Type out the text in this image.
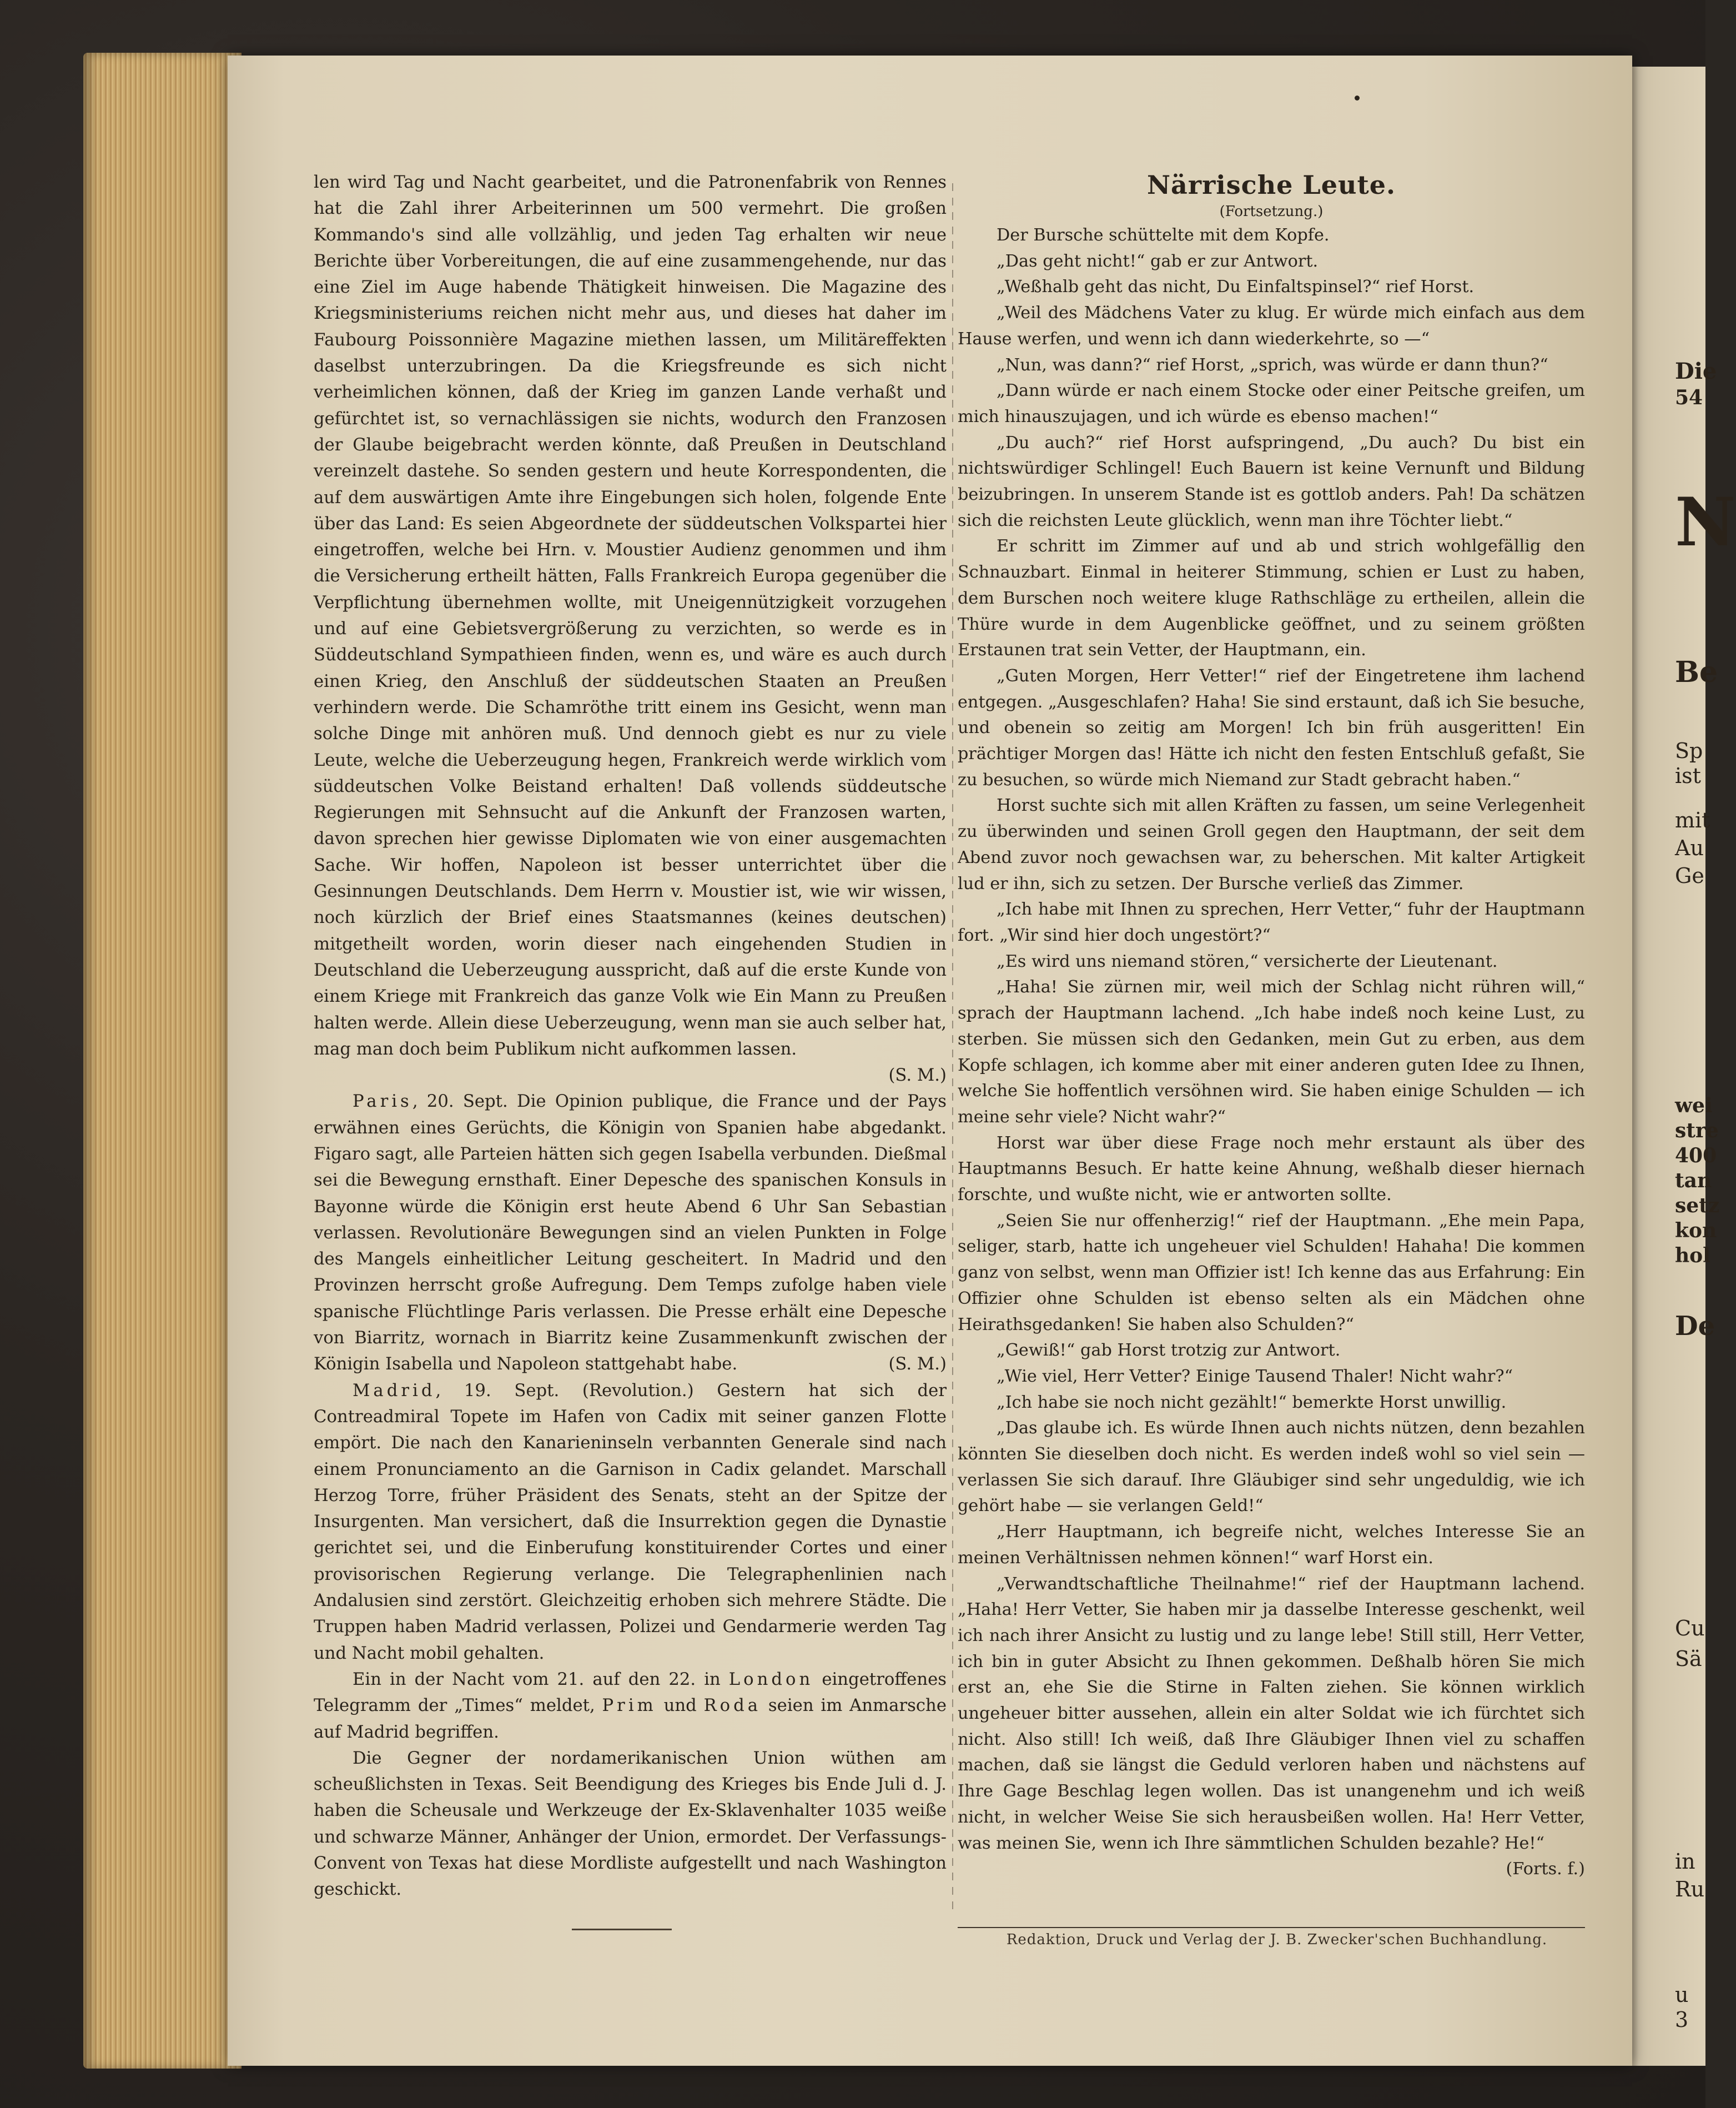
Die
54
N
Be
Sp
ist
mit
Au
Ge
wei
stre
400
tan
setz
kon
hol
De
Cu
Sä
in
Ru
u
3

len wird Tag und Nacht gearbeitet, und die Patronenfabrik von Rennes hat die Zahl ihrer Arbeiterinnen um 500 vermehrt. Die großen Kommando's sind alle vollzählig, und jeden Tag erhalten wir neue Berichte über Vorbereitungen, die auf eine zusammengehende, nur das eine Ziel im Auge habende Thätigkeit hinweisen. Die Magazine des Kriegsministeriums reichen nicht mehr aus, und dieses hat daher im Faubourg Poissonnière Magazine miethen lassen, um Militäreffekten daselbst unterzubringen. Da die Kriegsfreunde es sich nicht verheimlichen können, daß der Krieg im ganzen Lande verhaßt und gefürchtet ist, so vernachlässigen sie nichts, wodurch den Franzosen der Glaube beigebracht werden könnte, daß Preußen in Deutschland vereinzelt dastehe. So senden gestern und heute Korrespondenten, die auf dem auswärtigen Amte ihre Eingebungen sich holen, folgende Ente über das Land: Es seien Abgeordnete der süddeutschen Volkspartei hier eingetroffen, welche bei Hrn. v. Moustier Audienz genommen und ihm die Versicherung ertheilt hätten, Falls Frankreich Europa gegenüber die Verpflichtung übernehmen wollte, mit Uneigennützigkeit vorzugehen und auf eine Gebietsvergrößerung zu verzichten, so werde es in Süddeutschland Sympathieen finden, wenn es, und wäre es auch durch einen Krieg, den Anschluß der süddeutschen Staaten an Preußen verhindern werde. Die Schamröthe tritt einem ins Gesicht, wenn man solche Dinge mit anhören muß. Und dennoch giebt es nur zu viele Leute, welche die Ueberzeugung hegen, Frankreich werde wirklich vom süddeutschen Volke Beistand erhalten! Daß vollends süddeutsche Regierungen mit Sehnsucht auf die Ankunft der Franzosen warten, davon sprechen hier gewisse Diplomaten wie von einer ausgemachten Sache. Wir hoffen, Napoleon ist besser unterrichtet über die Gesinnungen Deutschlands. Dem Herrn v. Moustier ist, wie wir wissen, noch kürzlich der Brief eines Staatsmannes (keines deutschen) mitgetheilt worden, worin dieser nach eingehenden Studien in Deutschland die Ueberzeugung ausspricht, daß auf die erste Kunde von einem Kriege mit Frankreich das ganze Volk wie Ein Mann zu Preußen halten werde. Allein diese Ueberzeugung, wenn man sie auch selber hat, mag man doch beim Publikum nicht aufkommen lassen.

(S. M.)

Paris, 20. Sept. Die Opinion publique, die France und der Pays erwähnen eines Gerüchts, die Königin von Spanien habe abgedankt. Figaro sagt, alle Parteien hätten sich gegen Isabella verbunden. Dießmal sei die Bewegung ernsthaft. Einer Depesche des spanischen Konsuls in Bayonne würde die Königin erst heute Abend 6 Uhr San Sebastian verlassen. Revolutionäre Bewegungen sind an vielen Punkten in Folge des Mangels einheitlicher Leitung gescheitert. In Madrid und den Provinzen herrscht große Aufregung. Dem Temps zufolge haben viele spanische Flüchtlinge Paris verlassen. Die Presse erhält eine Depesche von Biarritz, wornach in Biarritz keine Zusammenkunft zwischen der Königin Isabella und Napoleon stattgehabt habe.	(S. M.)

Madrid, 19. Sept. (Revolution.) Gestern hat sich der Contreadmiral Topete im Hafen von Cadix mit seiner ganzen Flotte empört. Die nach den Kanarieninseln verbannten Generale sind nach einem Pronunciamento an die Garnison in Cadix gelandet. Marschall Herzog Torre, früher Präsident des Senats, steht an der Spitze der Insurgenten. Man versichert, daß die Insurrektion gegen die Dynastie gerichtet sei, und die Einberufung konstituirender Cortes und einer provisorischen Regierung verlange. Die Telegraphenlinien nach Andalusien sind zerstört. Gleichzeitig erhoben sich mehrere Städte. Die Truppen haben Madrid verlassen, Polizei und Gendarmerie werden Tag und Nacht mobil gehalten.

Ein in der Nacht vom 21. auf den 22. in London eingetroffenes Telegramm der „Times“ meldet, Prim und Roda seien im Anmarsche auf Madrid begriffen.

Die Gegner der nordamerikanischen Union wüthen am scheußlichsten in Texas. Seit Beendigung des Krieges bis Ende Juli d. J. haben die Scheusale und Werkzeuge der Ex-Sklavenhalter 1035 weiße und schwarze Männer, Anhänger der Union, ermordet. Der Verfassungs-Convent von Texas hat diese Mordliste aufgestellt und nach Washington geschickt.

Närrische Leute.

(Fortsetzung.)

Der Bursche schüttelte mit dem Kopfe.

„Das geht nicht!“ gab er zur Antwort.

„Weßhalb geht das nicht, Du Einfaltspinsel?“ rief Horst.

„Weil des Mädchens Vater zu klug. Er würde mich einfach aus dem Hause werfen, und wenn ich dann wiederkehrte, so —“

„Nun, was dann?“ rief Horst, „sprich, was würde er dann thun?“

„Dann würde er nach einem Stocke oder einer Peitsche greifen, um mich hinauszujagen, und ich würde es ebenso machen!“

„Du auch?“ rief Horst aufspringend, „Du auch? Du bist ein nichtswürdiger Schlingel! Euch Bauern ist keine Vernunft und Bildung beizubringen. In unserem Stande ist es gottlob anders. Pah! Da schätzen sich die reichsten Leute glücklich, wenn man ihre Töchter liebt.“

Er schritt im Zimmer auf und ab und strich wohlgefällig den Schnauzbart. Einmal in heiterer Stimmung, schien er Lust zu haben, dem Burschen noch weitere kluge Rathschläge zu ertheilen, allein die Thüre wurde in dem Augenblicke geöffnet, und zu seinem größten Erstaunen trat sein Vetter, der Hauptmann, ein.

„Guten Morgen, Herr Vetter!“ rief der Eingetretene ihm lachend entgegen. „Ausgeschlafen? Haha! Sie sind erstaunt, daß ich Sie besuche, und obenein so zeitig am Morgen! Ich bin früh ausgeritten! Ein prächtiger Morgen das! Hätte ich nicht den festen Entschluß gefaßt, Sie zu besuchen, so würde mich Niemand zur Stadt gebracht haben.“

Horst suchte sich mit allen Kräften zu fassen, um seine Verlegenheit zu überwinden und seinen Groll gegen den Hauptmann, der seit dem Abend zuvor noch gewachsen war, zu beherschen. Mit kalter Artigkeit lud er ihn, sich zu setzen. Der Bursche verließ das Zimmer.

„Ich habe mit Ihnen zu sprechen, Herr Vetter,“ fuhr der Hauptmann fort. „Wir sind hier doch ungestört?“

„Es wird uns niemand stören,“ versicherte der Lieutenant.

„Haha! Sie zürnen mir, weil mich der Schlag nicht rühren will,“ sprach der Hauptmann lachend. „Ich habe indeß noch keine Lust, zu sterben. Sie müssen sich den Gedanken, mein Gut zu erben, aus dem Kopfe schlagen, ich komme aber mit einer anderen guten Idee zu Ihnen, welche Sie hoffentlich versöhnen wird. Sie haben einige Schulden — ich meine sehr viele? Nicht wahr?“

Horst war über diese Frage noch mehr erstaunt als über des Hauptmanns Besuch. Er hatte keine Ahnung, weßhalb dieser hiernach forschte, und wußte nicht, wie er antworten sollte.

„Seien Sie nur offenherzig!“ rief der Hauptmann. „Ehe mein Papa, seliger, starb, hatte ich ungeheuer viel Schulden! Hahaha! Die kommen ganz von selbst, wenn man Offizier ist! Ich kenne das aus Erfahrung: Ein Offizier ohne Schulden ist ebenso selten als ein Mädchen ohne Heirathsgedanken! Sie haben also Schulden?“

„Gewiß!“ gab Horst trotzig zur Antwort.

„Wie viel, Herr Vetter? Einige Tausend Thaler! Nicht wahr?“

„Ich habe sie noch nicht gezählt!“ bemerkte Horst unwillig.

„Das glaube ich. Es würde Ihnen auch nichts nützen, denn bezahlen könnten Sie dieselben doch nicht. Es werden indeß wohl so viel sein — verlassen Sie sich darauf. Ihre Gläubiger sind sehr ungeduldig, wie ich gehört habe — sie verlangen Geld!“

„Herr Hauptmann, ich begreife nicht, welches Interesse Sie an meinen Verhältnissen nehmen können!“ warf Horst ein.

„Verwandtschaftliche Theilnahme!“ rief der Hauptmann lachend. „Haha! Herr Vetter, Sie haben mir ja dasselbe Interesse geschenkt, weil ich nach ihrer Ansicht zu lustig und zu lange lebe! Still still, Herr Vetter, ich bin in guter Absicht zu Ihnen gekommen. Deßhalb hören Sie mich erst an, ehe Sie die Stirne in Falten ziehen. Sie können wirklich ungeheuer bitter aussehen, allein ein alter Soldat wie ich fürchtet sich nicht. Also still! Ich weiß, daß Ihre Gläubiger Ihnen viel zu schaffen machen, daß sie längst die Geduld verloren haben und nächstens auf Ihre Gage Beschlag legen wollen. Das ist unangenehm und ich weiß nicht, in welcher Weise Sie sich herausbeißen wollen. Ha! Herr Vetter, was meinen Sie, wenn ich Ihre sämmtlichen Schulden bezahle? He!“
(Forts. f.)

Redaktion, Druck und Verlag der J. B. Zwecker'schen Buchhandlung.
